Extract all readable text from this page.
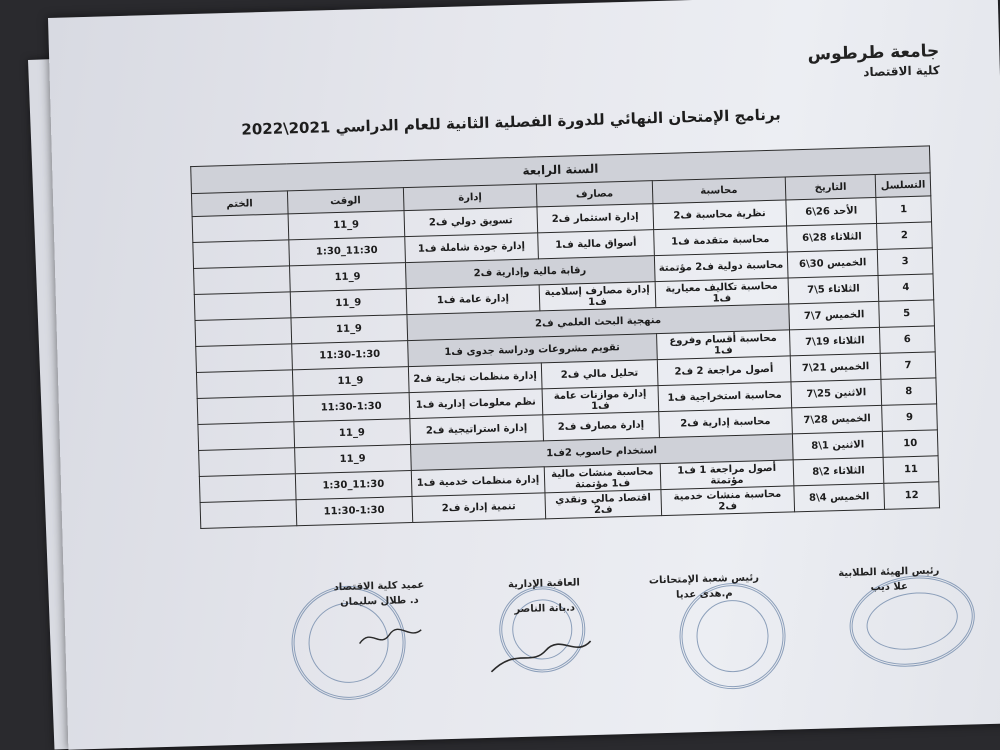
جامعة طرطوس
كلية الاقتصاد
برنامج الإمتحان النهائي للدورة الفصلية الثانية للعام الدراسي 2021\2022
السنة الرابعة						
التسلسل	التاريخ	محاسبة	مصارف	إدارة	الوقت	الختم
1	الأحد 26\6	نظرية محاسبة ف2	إدارة استثمار ف2	تسويق دولي ف2	9_11	
2	الثلاثاء 28\6	محاسبة متقدمة ف1	أسواق مالية ف1	إدارة جودة شاملة ف1	11:30_1:30	
3	الخميس 30\6	محاسبة دولية ف2 مؤتمتة	رقابة مالية وإدارية ف2		9_11	
4	الثلاثاء 5\7	محاسبة تكاليف معيارية ف1	إدارة مصارف إسلامية ف1	إدارة عامة ف1	9_11	
5	الخميس 7\7	منهجية البحث العلمي ف2			9_11	
6	الثلاثاء 19\7	محاسبة أقسام وفروع ف1	تقويم مشروعات ودراسة جدوى ف1		11:30-1:30	
7	الخميس 21\7	أصول مراجعة 2 ف2	تحليل مالي ف2	إدارة منظمات تجارية ف2	9_11	
8	الاثنين 25\7	محاسبة استخراجية ف1	إدارة موازنات عامة ف1	نظم معلومات إدارية ف1	11:30-1:30	
9	الخميس 28\7	محاسبة إدارية ف2	إدارة مصارف ف2	إدارة استراتيجية ف2	9_11	
10	الاثنين 1\8	استخدام حاسوب 2ف1			9_11	
11	الثلاثاء 2\8	أصول مراجعة 1 ف1 مؤتمتة	محاسبة منشات مالية ف1 مؤتمتة	إدارة منظمات خدمية ف1	11:30_1:30	
12	الخميس 4\8	محاسبة منشات خدمية ف2	اقتصاد مالي ونقدي ف2	تنمية إدارة ف2	11:30-1:30	
رئيس الهيئة الطلابية
علا ديب
رئيس شعبة الإمتحانات
م.هدى عديا
العاقبة الإدارية
د.بانة الناصر
عميد كلية الاقتصاد
د. طلال سليمان
